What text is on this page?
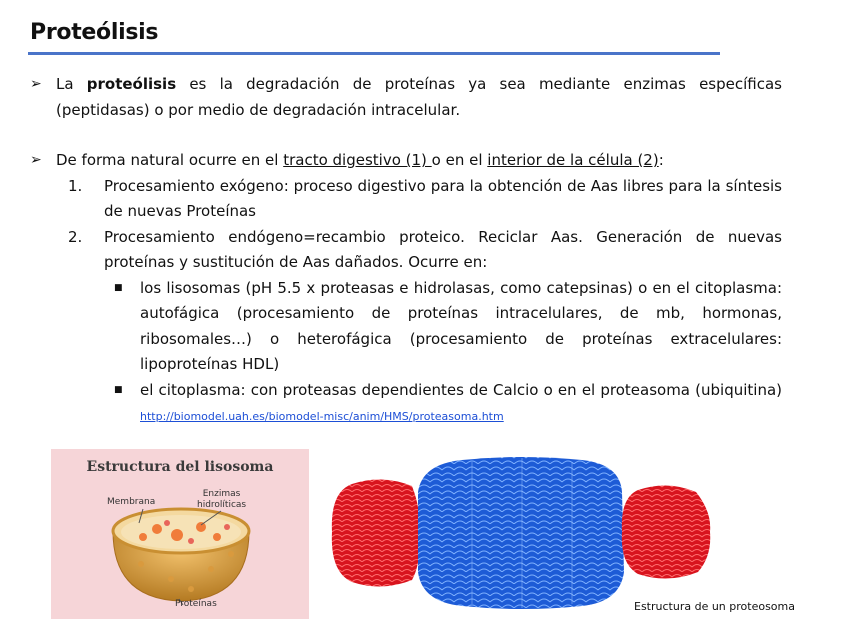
Proteólisis
➢ La proteólisis es la degradación de proteínas ya sea mediante enzimas específicas (peptidasas) o por medio de degradación intracelular.
➢ De forma natural ocurre en el tracto digestivo (1) o en el interior de la célula (2):
1.	Procesamiento exógeno: proceso digestivo para la obtención de Aas libres para la síntesis de nuevas Proteínas
2.	Procesamiento endógeno=recambio proteico. Reciclar Aas. Generación de nuevas proteínas y sustitución de Aas dañados. Ocurre en:
■	los lisosomas (pH 5.5 x proteasas e hidrolasas, como catepsinas) o en el citoplasma: autofágica (procesamiento de proteínas intracelulares, de mb, hormonas, ribosomales…) o heterofágica (procesamiento de proteínas extracelulares: lipoproteínas HDL)
■	el citoplasma: con proteasas dependientes de Calcio o en el proteasoma (ubiquitina) http://biomodel.uah.es/biomodel-misc/anim/HMS/proteasoma.htm
Estructura del lisosoma
Membrana
Enzimas
hidrolíticas
Proteínas	Estructura de un proteosoma
